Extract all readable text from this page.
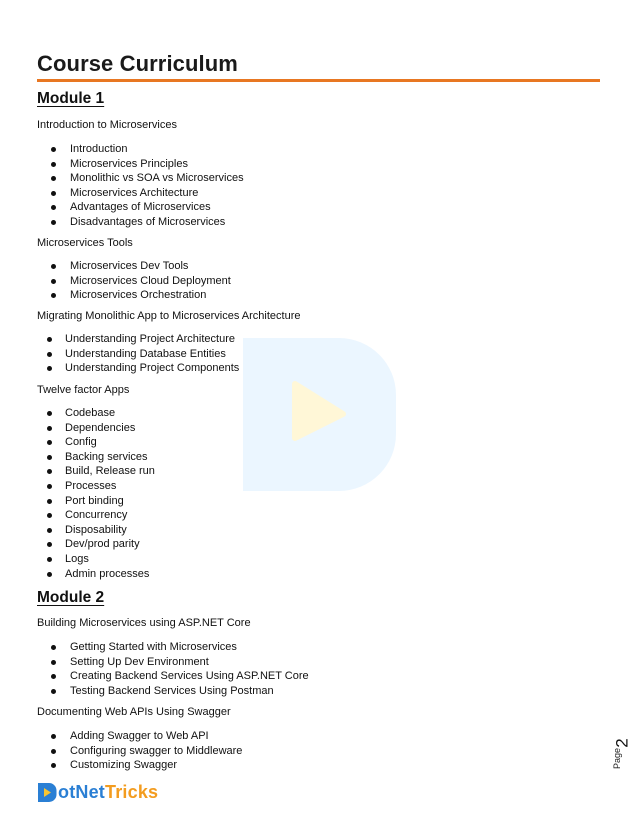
Course Curriculum
Module 1
Introduction to Microservices
Introduction
Microservices Principles
Monolithic vs SOA vs Microservices
Microservices Architecture
Advantages of Microservices
Disadvantages of Microservices
Microservices Tools
Microservices Dev Tools
Microservices Cloud Deployment
Microservices Orchestration
Migrating Monolithic App to Microservices Architecture
Understanding Project Architecture
Understanding Database Entities
Understanding Project Components
Twelve factor Apps
Codebase
Dependencies
Config
Backing services
Build, Release run
Processes
Port binding
Concurrency
Disposability
Dev/prod parity
Logs
Admin processes
Module 2
Building Microservices using ASP.NET Core
Getting Started with Microservices
Setting Up Dev Environment
Creating Backend Services Using ASP.NET Core
Testing Backend Services Using Postman
Documenting Web APIs Using Swagger
Adding Swagger to Web API
Configuring swagger to Middleware
Customizing Swagger	Page
2
otNetTricks
